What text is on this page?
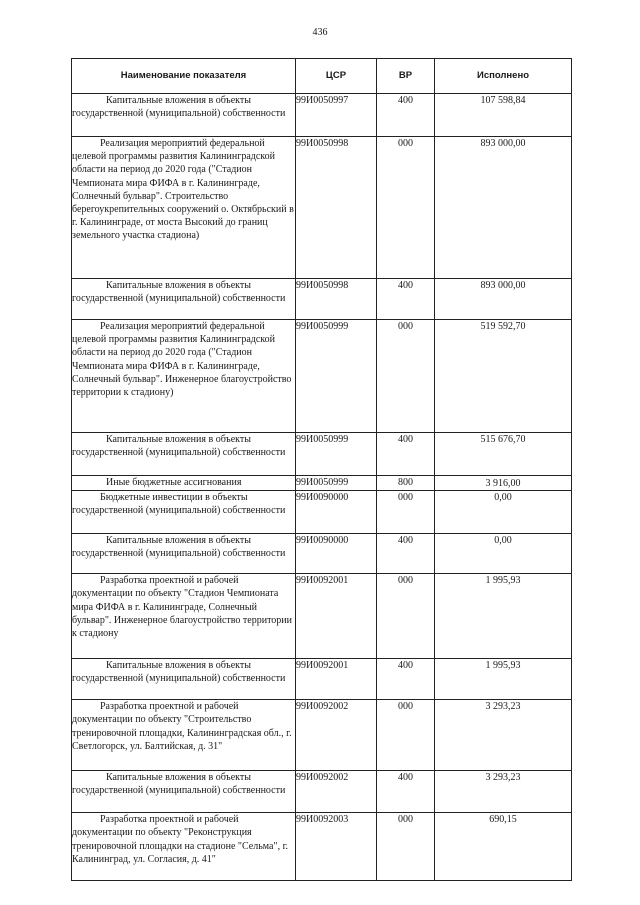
436
Наименование показателя	ЦСР	ВР	Исполнено
Капитальные вложения в объекты государственной (муниципальной) собственности	99И0050997	400	107 598,84
Реализация мероприятий федеральной целевой программы развития Калининградской области на период до 2020 года ("Стадион Чемпионата мира ФИФА в г. Калининграде, Солнечный бульвар". Строительство берегоукрепительных сооружений о. Октябрьский в г. Калининграде, от моста Высокий до границ земельного участка стадиона)	99И0050998	000	893 000,00
Капитальные вложения в объекты государственной (муниципальной) собственности	99И0050998	400	893 000,00
Реализация мероприятий федеральной целевой программы развития Калининградской области на период до 2020 года ("Стадион Чемпионата мира ФИФА в г. Калининграде, Солнечный бульвар". Инженерное благоустройство территории к стадиону)	99И0050999	000	519 592,70
Капитальные вложения в объекты государственной (муниципальной) собственности	99И0050999	400	515 676,70
Иные бюджетные ассигнования	99И0050999	800	3 916,00
Бюджетные инвестиции в объекты государственной (муниципальной) собственности	99И0090000	000	0,00
Капитальные вложения в объекты государственной (муниципальной) собственности	99И0090000	400	0,00
Разработка проектной и рабочей документации по объекту "Стадион Чемпионата мира ФИФА в г. Калининграде, Солнечный бульвар". Инженерное благоустройство территории к стадиону	99И0092001	000	1 995,93
Капитальные вложения в объекты государственной (муниципальной) собственности	99И0092001	400	1 995,93
Разработка проектной и рабочей документации по объекту "Строительство тренировочной площадки, Калининградская обл., г. Светлогорск, ул. Балтийская, д. 31"	99И0092002	000	3 293,23
Капитальные вложения в объекты государственной (муниципальной) собственности	99И0092002	400	3 293,23
Разработка проектной и рабочей документации по объекту "Реконструкция тренировочной площадки на стадионе "Сельма", г. Калининград, ул. Согласия, д. 41"	99И0092003	000	690,15
